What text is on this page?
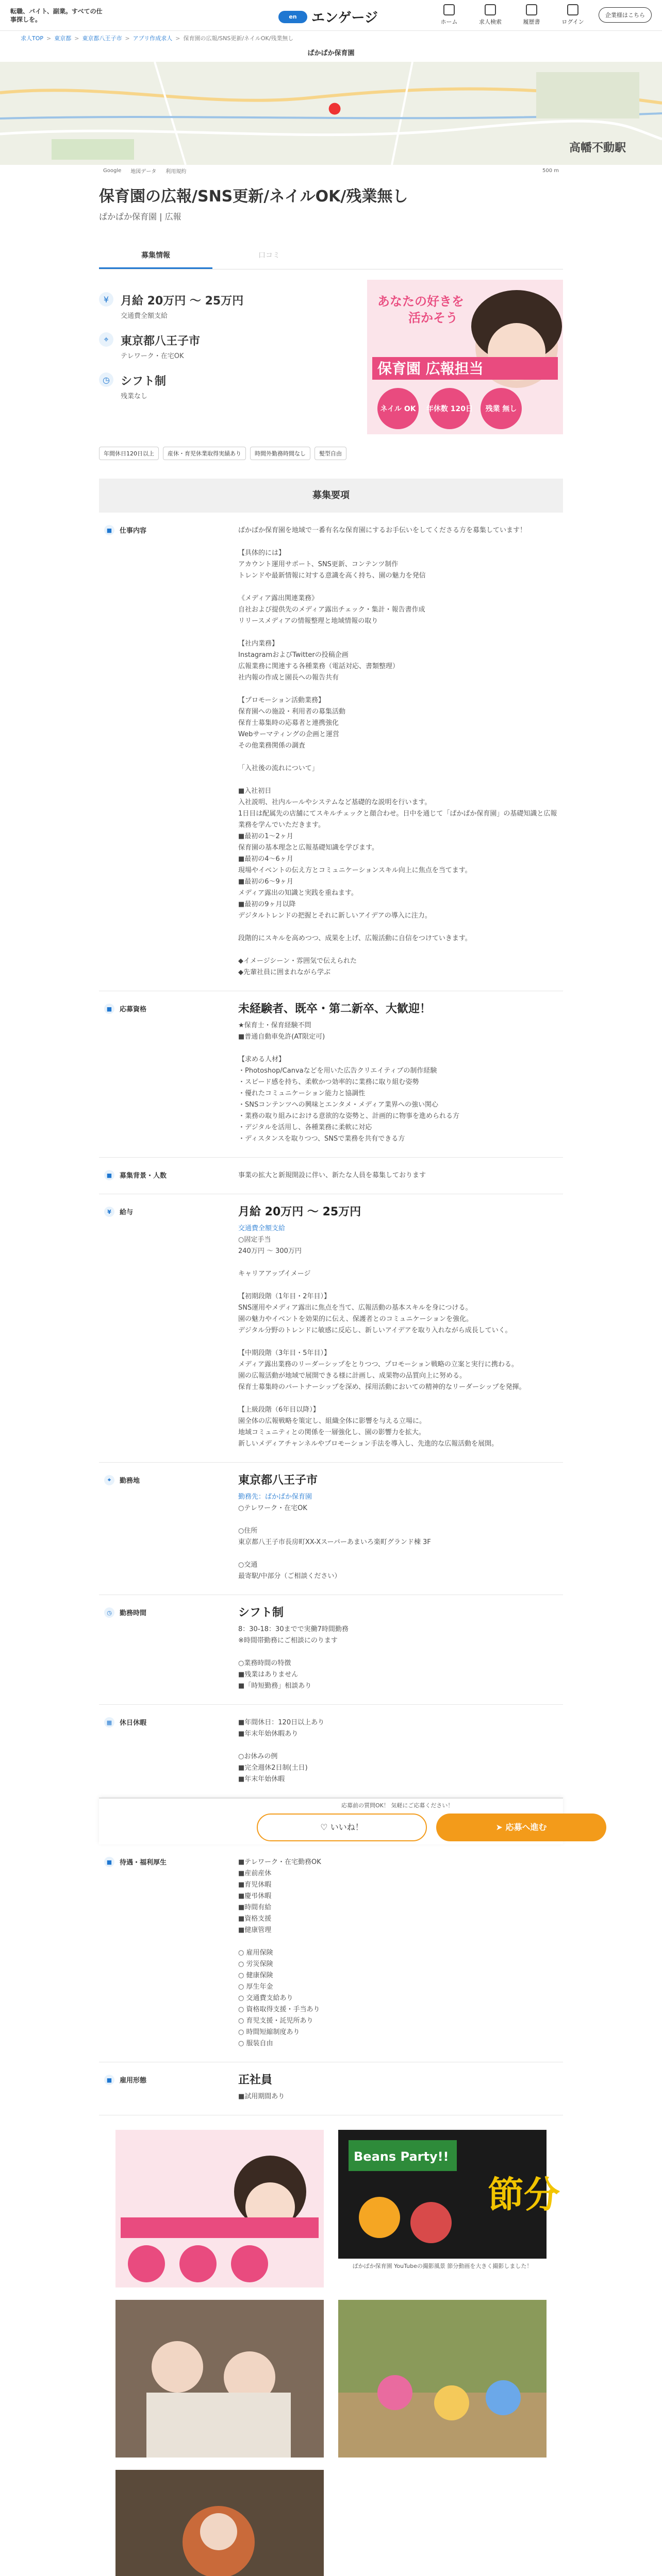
転職、バイト、副業。すべての仕事探しを。	en	エンゲージ	ホーム	求人検索	履歴書	ログイン
企業様はこちら
求人TOP > 東京都 > 東京都八王子市 > アプリ作成求人 > 保育園の広報/SNS更新/ネイルOK/残業無し
ぱかぱか保育園
●
高幡不動駅
Google 地図データ 利用規約	500 m
保育園の広報/SNS更新/ネイルOK/残業無し
ぱかぱか保育園 | 広報
募集情報	口コミ
¥	月給 20万円 〜 25万円
交通費全額支給
⌖	東京都八王子市
テレワーク・在宅OK
◷ シフト制
残業なし
あなたの好きを
活かそう
保育園 広報担当
ネイル OK 年休数 120日 残業 無し
年間休日120日以上	産休・育児休業取得実績あり	時間外勤務時間なし	髪型自由
募集要項
■	仕事内容	ぱかぱか保育園を地域で一番有名な保育園にするお手伝いをしてくださる方を募集しています！

【具体的には】
アカウント運用サポート、SNS更新、コンテンツ制作
トレンドや最新情報に対する意識を高く持ち、園の魅力を発信

《メディア露出関連業務》
自社および提供先のメディア露出チェック・集計・報告書作成
リリースメディアの情報整理と地域情報の取り

【社内業務】
InstagramおよびTwitterの投稿企画
広報業務に関連する各種業務（電話対応、書類整理）
社内報の作成と園長への報告共有

【プロモーション活動業務】
保育園への施設・利用者の募集活動
保育士募集時の応募者と連携強化
Webサーマティングの企画と運営
その他業務関係の調査

「入社後の流れについて」

■入社初日
入社説明、社内ルールやシステムなど基礎的な説明を行います。
1日目は配属先の店舗にてスキルチェックと顔合わせ。日中を通じて「ぱかぱか保育園」の基礎知識と広報業務を学んでいただきます。
■最初の1〜2ヶ月
保育園の基本理念と広報基礎知識を学びます。
■最初の4〜6ヶ月
現場やイベントの伝え方とコミュニケーションスキル向上に焦点を当てます。
■最初の6〜9ヶ月
メディア露出の知識と実践を重ねます。
■最初の9ヶ月以降
デジタルトレンドの把握とそれに新しいアイデアの導入に注力。

段階的にスキルを高めつつ、成果を上げ、広報活動に自信をつけていきます。

◆イメージシーン・雰囲気で伝えられた
◆先輩社員に囲まれながら学ぶ
■	応募資格	未経験者、既卒・第二新卒、大歓迎！
★保育士・保育経験不問
■普通自動車免許(AT限定可)

【求める人材】
・Photoshop/Canvaなどを用いた広告クリエイティブの制作経験
・スピード感を持ち、柔軟かつ効率的に業務に取り組む姿勢
・優れたコミュニケーション能力と協調性
・SNSコンテンツへの興味とエンタメ・メディア業界への強い関心
・業務の取り組みにおける意欲的な姿勢と、計画的に物事を進められる方
・デジタルを活用し、各種業務に柔軟に対応
・ディスタンスを取りつつ、SNSで業務を共有できる方
■	募集背景・人数	事業の拡大と新規開設に伴い、新たな人員を募集しております
¥	給与	月給 20万円 〜 25万円
交通費全額支給
○固定手当
240万円 〜 300万円

キャリアアップイメージ

【初期段階（1年目・2年目）】
SNS運用やメディア露出に焦点を当て、広報活動の基本スキルを身につける。
園の魅力やイベントを効果的に伝え、保護者とのコミュニケーションを強化。
デジタル分野のトレンドに敏感に反応し、新しいアイデアを取り入れながら成長していく。

【中期段階（3年目・5年目）】
メディア露出業務のリーダーシップをとりつつ、プロモーション戦略の立案と実行に携わる。
園の広報活動が地域で展開できる様に計画し、成果物の品質向上に努める。
保育士募集時のパートナーシップを深め、採用活動においての精神的なリーダーシップを発揮。

【上級段階（6年目以降）】
園全体の広報戦略を策定し、組織全体に影響を与える立場に。
地域コミュニティとの関係を一層強化し、園の影響力を拡大。
新しいメディアチャンネルやプロモーション手法を導入し、先進的な広報活動を展開。
⌖	勤務地	東京都八王子市
勤務先：ぱかぱか保育園
○テレワーク・在宅OK

○住所
東京都八王子市長房町XX-Xスーパーあまいろ楽町グランド棟 3F

○交通
最寄駅/中部分（ご相談ください）
◷	勤務時間	シフト制
8：30-18：30までで実働7時間勤務
※時間帯勤務にご相談にのります

○業務時間の特徴
■残業はありません
■「時短勤務」相談あり
▦	休日休暇	■年間休日：120日以上あり
■年末年始休暇あり

○お休みの例
■完全週休2日制(土日)
■年末年始休暇
応募前の質問OK！ 気軽にご応募ください！
♡ いいね！	➤ 応募へ進む
■	待遇・福利厚生	■テレワーク・在宅勤務OK
■産前産休
■育児休暇
■慶弔休暇
■時間有給
■資格支援
■健康管理

○ 雇用保険
○ 労災保険
○ 健康保険
○ 厚生年金
○ 交通費支給あり
○ 資格取得支援・手当あり
○ 育児支援・託児所あり
○ 時間短縮制度あり
○ 服装自由
■	雇用形態	正社員
■試用期間あり
Beans Party!!
節分
ぱかぱか保育園 YouTubeの撮影風景 節分動画を大きく撮影しました！
